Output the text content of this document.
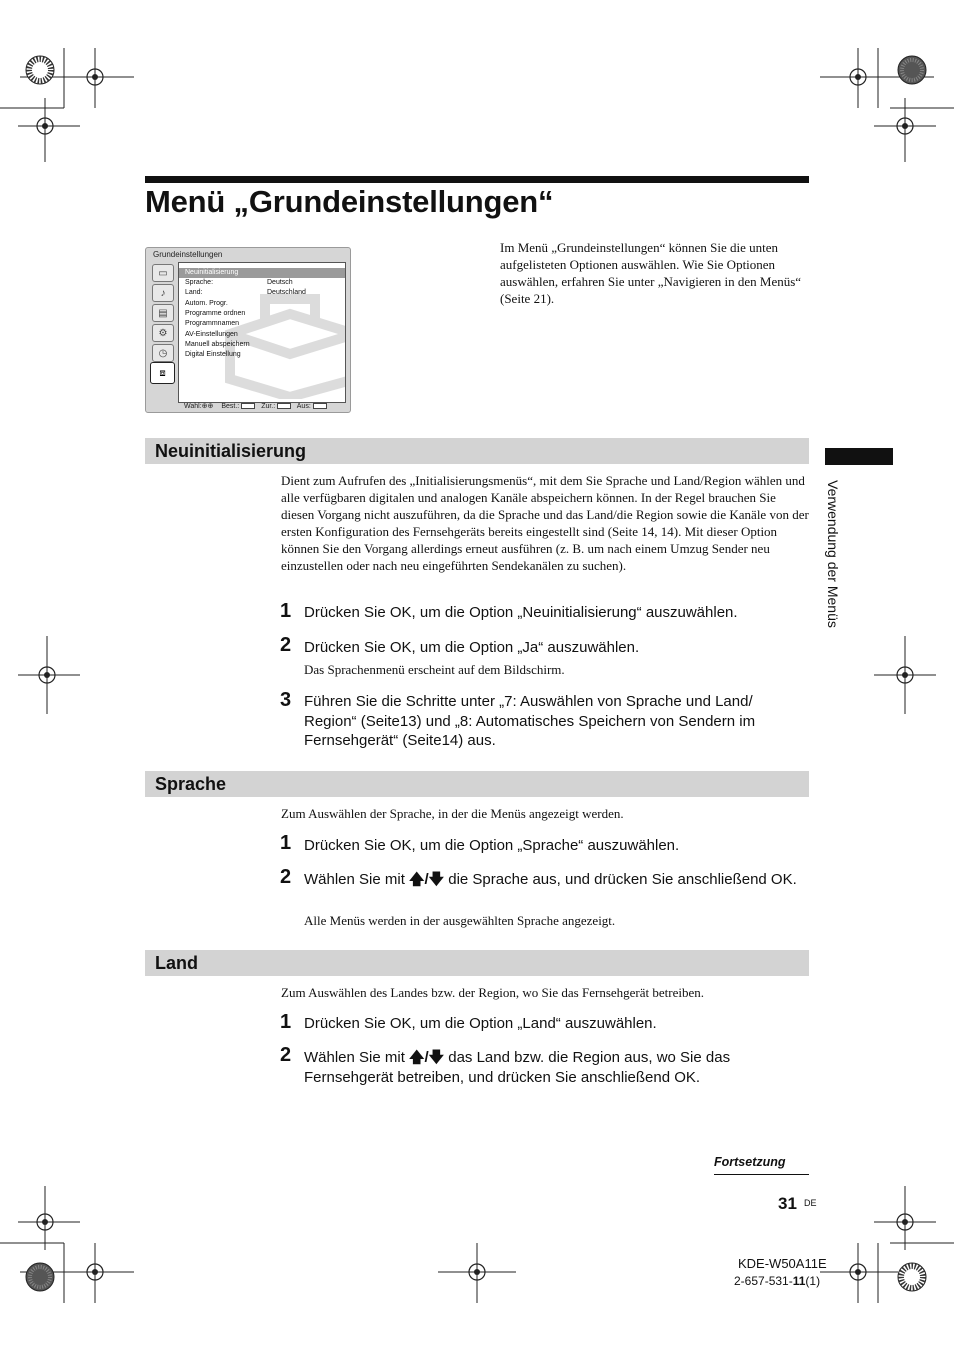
Menü „Grundeinstellungen“
Grundeinstellungen
▭
♪
▤
⚙
◷
⧈
Neuinitialisierung
Sprache:	Deutsch
Land:	Deutschland
Autom. Progr.
Programme ordnen
Programmnamen
AV-Einstellungen
Manuell abspeichern
Digital Einstellung
Wahl:⊕⊕ Best.:	Zur.:	Aus:

Im Menü „Grundeinstellungen“ können Sie die unten aufgelisteten Optionen auswählen. Wie Sie Optionen auswählen, erfahren Sie unter „Navigieren in den Menüs“ (Seite 21).

Neuinitialisierung

Dient zum Aufrufen des „Initialisierungsmenüs“, mit dem Sie Sprache und Land/Region wählen und alle verfügbaren digitalen und analogen Kanäle abspeichern können. In der Regel brauchen Sie diesen Vorgang nicht auszuführen, da die Sprache und das Land/die Region sowie die Kanäle von der ersten Konfiguration des Fernsehgeräts bereits eingestellt sind (Seite 14, 14). Mit dieser Option können Sie den Vorgang allerdings erneut ausführen (z. B. um nach einem Umzug Sender neu einzustellen oder nach neu eingeführten Sendekanälen zu suchen).

1 Drücken Sie OK, um die Option „Neuinitialisierung“ auszuwählen.

2 Drücken Sie OK, um die Option „Ja“ auszuwählen.

Das Sprachenmenü erscheint auf dem Bildschirm.

3 Führen Sie die Schritte unter „7: Auswählen von Sprache und Land/ Region“ (Seite13) und „8: Automatisches Speichern von Sendern im Fernsehgerät“ (Seite14) aus.

Sprache

Zum Auswählen der Sprache, in der die Menüs angezeigt werden.

1 Drücken Sie OK, um die Option „Sprache“ auszuwählen.

2 Wählen Sie mit 🡅/🡇 die Sprache aus, und drücken Sie anschließend OK.

Alle Menüs werden in der ausgewählten Sprache angezeigt.

Land

Zum Auswählen des Landes bzw. der Region, wo Sie das Fernsehgerät betreiben.

1 Drücken Sie OK, um die Option „Land“ auszuwählen.

2 Wählen Sie mit 🡅/🡇 das Land bzw. die Region aus, wo Sie das Fernsehgerät betreiben, und drücken Sie anschließend OK.

Verwendung der Menüs
Fortsetzung
31 DE
KDE-W50A11E
2-657-531-11(1)
